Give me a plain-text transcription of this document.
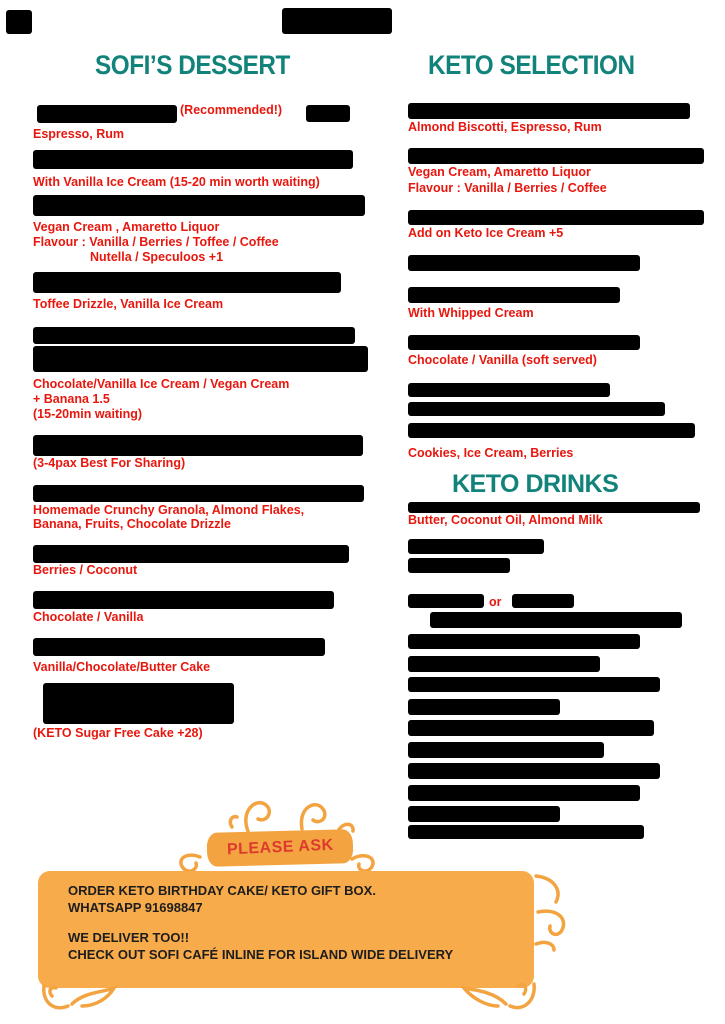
SOFI’S DESSERT	KETO SELECTION
KETO DRINKS
(Recommended!)
Espresso, Rum
With Vanilla Ice Cream (15-20 min worth waiting)
Vegan Cream , Amaretto Liquor
Flavour : Vanilla / Berries / Toffee / Coffee
Nutella / Speculoos +1
Toffee Drizzle, Vanilla Ice Cream
Chocolate/Vanilla Ice Cream / Vegan Cream
+ Banana 1.5
(15-20min waiting)
(3-4pax Best For Sharing)
Homemade Crunchy Granola, Almond Flakes,
Banana, Fruits, Chocolate Drizzle
Berries / Coconut
Chocolate / Vanilla
Vanilla/Chocolate/Butter Cake
(KETO Sugar Free Cake +28)
Almond Biscotti, Espresso, Rum
Vegan Cream, Amaretto Liquor
Flavour : Vanilla / Berries / Coffee
Add on Keto Ice Cream +5
With Whipped Cream
Chocolate / Vanilla (soft served)
Cookies, Ice Cream, Berries
Butter, Coconut Oil, Almond Milk
or
PLEASE ASK
ORDER KETO BIRTHDAY CAKE/ KETO GIFT BOX.
WHATSAPP 91698847
WE DELIVER TOO!!
CHECK OUT SOFI CAFÉ INLINE FOR ISLAND WIDE DELIVERY
